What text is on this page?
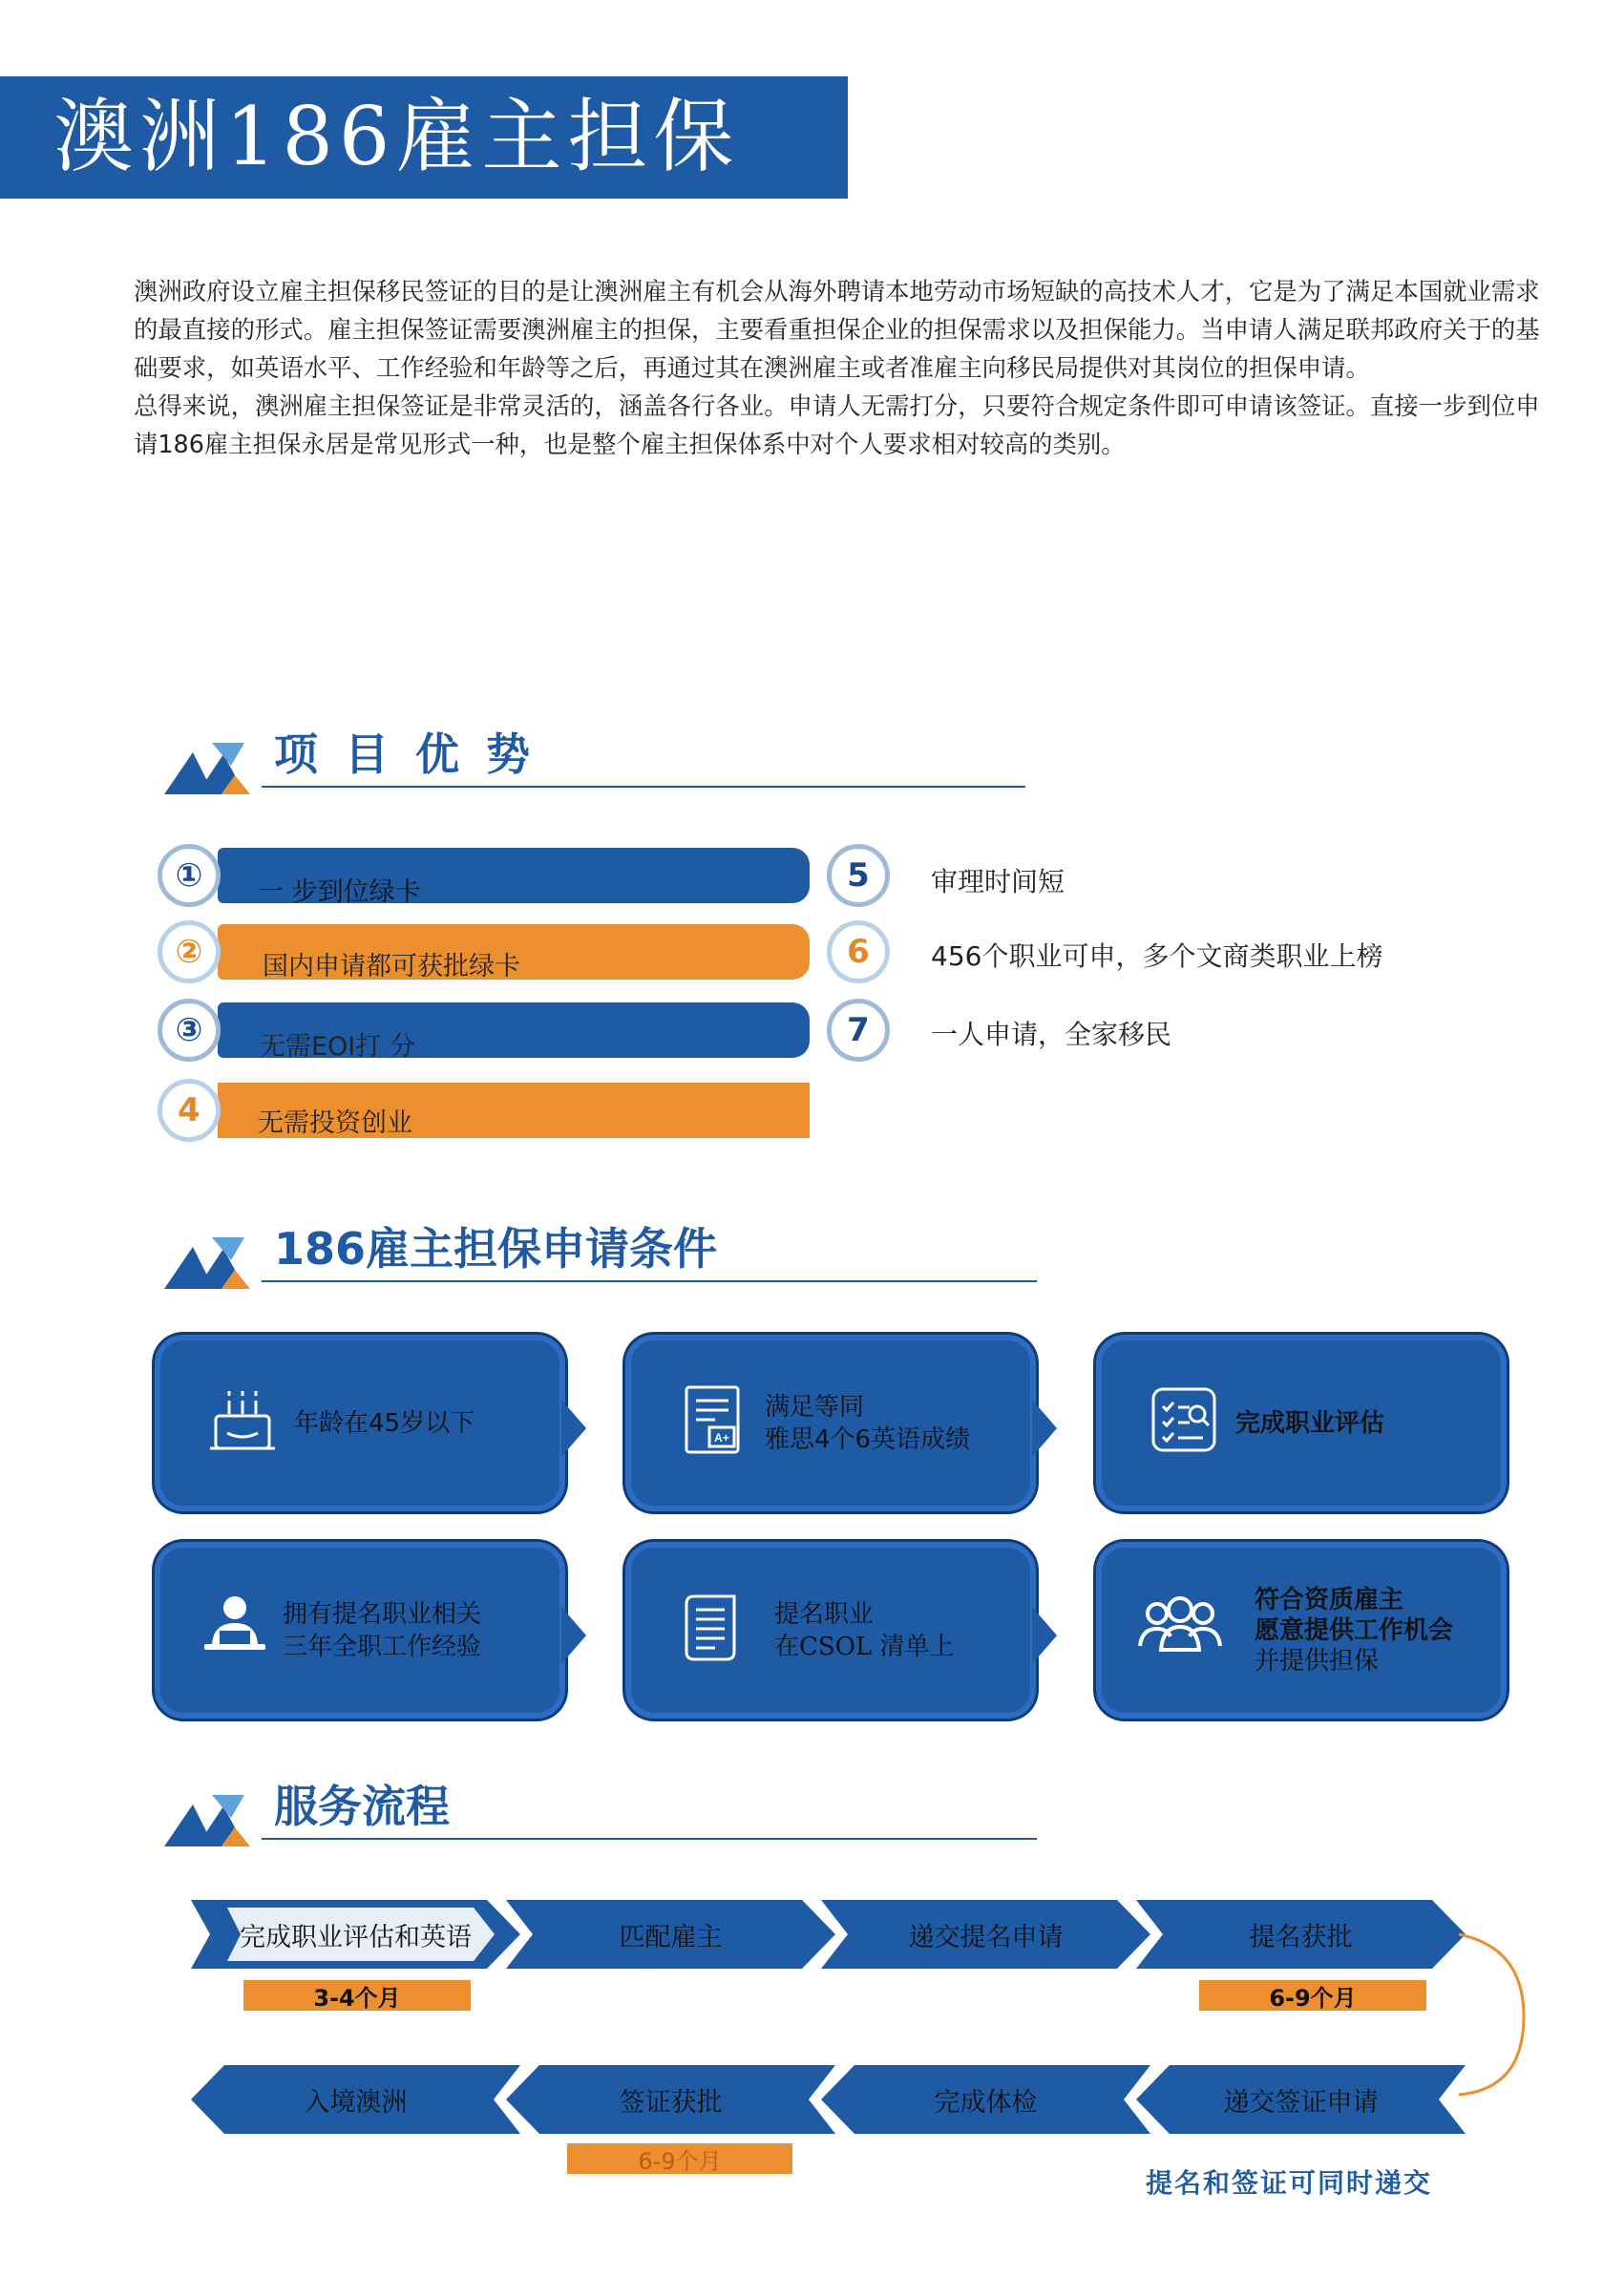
澳洲186雇主担保

澳洲政府设立雇主担保移民签证的目的是让澳洲雇主有机会从海外聘请本地劳动市场短缺的高技术人才，它是为了满足本国就业需求的最直接的形式。雇主担保签证需要澳洲雇主的担保，主要看重担保企业的担保需求以及担保能力。当申请人满足联邦政府关于的基础要求，如英语水平、工作经验和年龄等之后，再通过其在澳洲雇主或者准雇主向移民局提供对其岗位的担保申请。

总得来说，澳洲雇主担保签证是非常灵活的，涵盖各行各业。申请人无需打分，只要符合规定条件即可申请该签证。直接一步到位申请186雇主担保永居是常见形式一种，也是整个雇主担保体系中对个人要求相对较高的类别。

项 目 优 势
①	一 步到位绿卡
②	国内申请都可获批绿卡
③	无需EOI打 分
4	无需投资创业
5	审理时间短
6	456个职业可申，多个文商类职业上榜
7	一人申请，全家移民
186雇主担保申请条件
年龄在45岁以下
A+
满足等同
雅思4个6英语成绩
完成职业评估
拥有提名职业相关
三年全职工作经验
提名职业
在CSOL 清单上
符合资质雇主
愿意提供工作机会
并提供担保
服务流程
完成职业评估和英语	匹配雇主	递交提名申请	提名获批
3-4个月	6-9个月
入境澳洲	签证获批	完成体检	递交签证申请
6-9个月
提名和签证可同时递交
